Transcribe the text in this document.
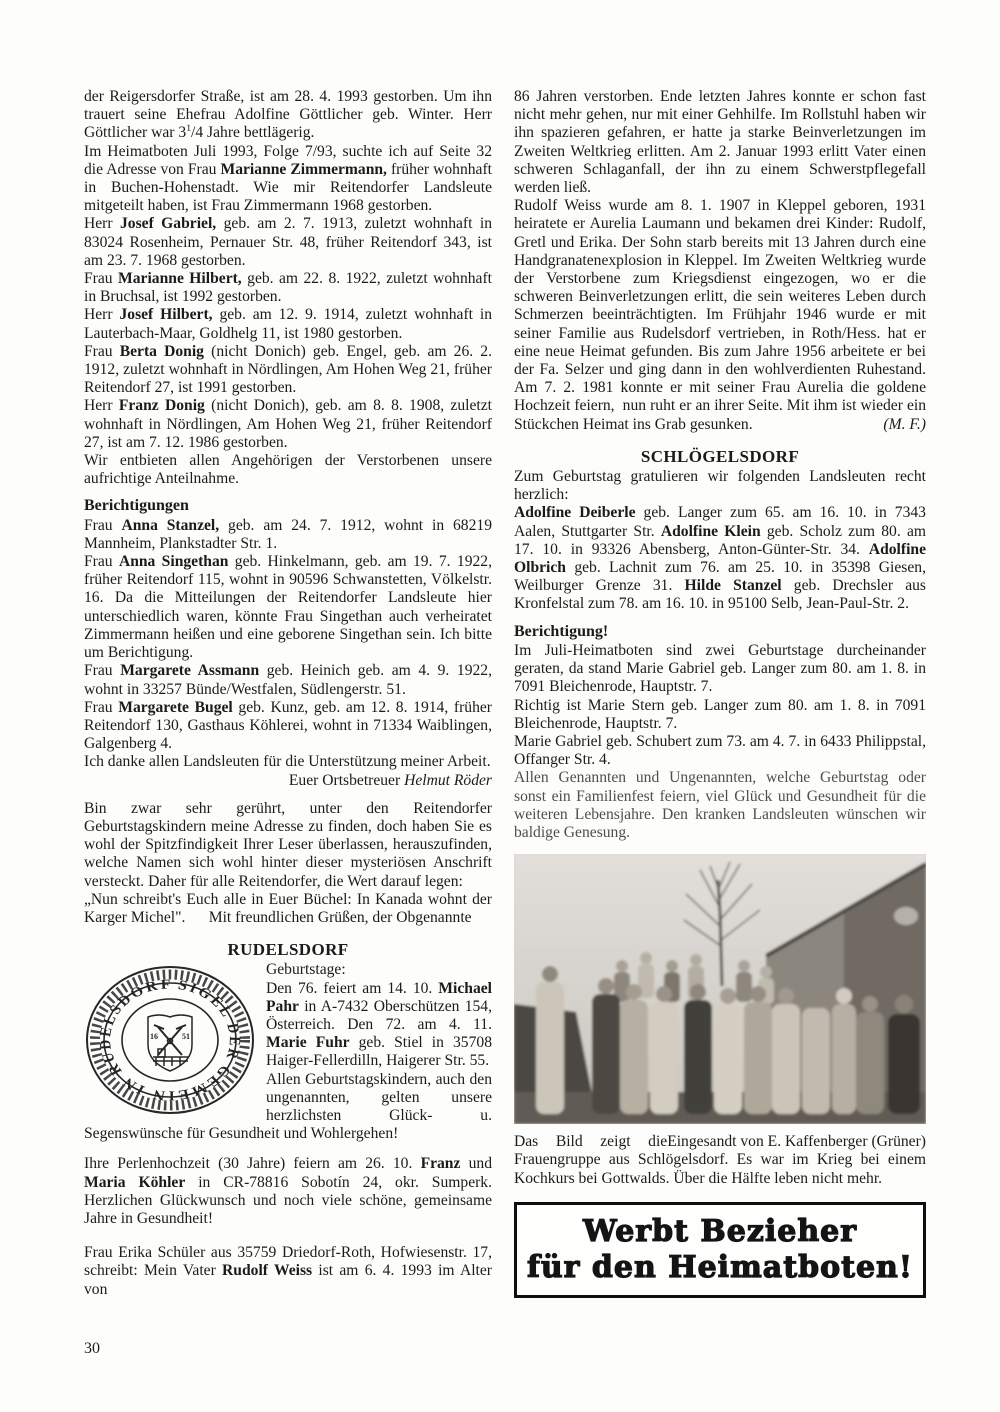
der Reigersdorfer Straße, ist am 28. 4. 1993 gestorben. Um ihn trauert seine Ehefrau Adolfine Göttlicher geb. Winter. Herr Göttlicher war $3^1/4$ Jahre bettlägerig.

Im Heimatboten Juli 1993, Folge 7/93, suchte ich auf Seite 32 die Adresse von Frau Marianne Zimmermann, früher wohnhaft in Buchen-Hohenstadt. Wie mir Reitendorfer Landsleute mitgeteilt haben, ist Frau Zimmermann 1968 gestorben.

Herr Josef Gabriel, geb. am 2. 7. 1913, zuletzt wohnhaft in 83024 Rosenheim, Pernauer Str. 48, früher Reitendorf 343, ist am 23. 7. 1968 gestorben.

Frau Marianne Hilbert, geb. am 22. 8. 1922, zuletzt wohnhaft in Bruchsal, ist 1992 gestorben.

Herr Josef Hilbert, geb. am 12. 9. 1914, zuletzt wohnhaft in Lauterbach-Maar, Goldhelg 11, ist 1980 gestorben.

Frau Berta Donig (nicht Donich) geb. Engel, geb. am 26. 2. 1912, zuletzt wohnhaft in Nördlingen, Am Hohen Weg 21, früher Reitendorf 27, ist 1991 gestorben.

Herr Franz Donig (nicht Donich), geb. am 8. 8. 1908, zuletzt wohnhaft in Nördlingen, Am Hohen Weg 21, früher Reitendorf 27, ist am 7. 12. 1986 gestorben.

Wir entbieten allen Angehörigen der Verstorbenen unsere aufrichtige Anteilnahme.

Berichtigungen

Frau Anna Stanzel, geb. am 24. 7. 1912, wohnt in 68219 Mannheim, Plankstadter Str. 1.

Frau Anna Singethan geb. Hinkelmann, geb. am 19. 7. 1922, früher Reitendorf 115, wohnt in 90596 Schwanstetten, Völkelstr. 16. Da die Mitteilungen der Reitendorfer Landsleute hier unterschiedlich waren, könnte Frau Singethan auch verheiratet Zimmermann heißen und eine geborene Singethan sein. Ich bitte um Berichtigung.

Frau Margarete Assmann geb. Heinich geb. am 4. 9. 1922, wohnt in 33257 Bünde/Westfalen, Südlengerstr. 51.

Frau Margarete Bugel geb. Kunz, geb. am 12. 8. 1914, früher Reitendorf 130, Gasthaus Köhlerei, wohnt in 71334 Waiblingen, Galgenberg 4.

Ich danke allen Landsleuten für die Unterstützung meiner Arbeit.

Euer Ortsbetreuer Helmut Röder

Bin zwar sehr gerührt, unter den Reitendorfer Geburtstagskindern meine Adresse zu finden, doch haben Sie es wohl der Spitzfindigkeit Ihrer Leser überlassen, herauszufinden, welche Namen sich wohl hinter dieser mysteriösen Anschrift versteckt. Daher für alle Reitendorfer, die Wert darauf legen:

„Nun schreibt's Euch alle in Euer Büchel: In Kanada wohnt der Karger Michel".      Mit freundlichen Grüßen, der Obgenannte

RUDELSDORF
SIGEL DER GEMEIN IN RUDELSDORFF
16	51

Geburtstage:

Den 76. feiert am 14. 10. Michael Pahr in A-7432 Oberschützen 154, Österreich. Den 72. am 4. 11. Marie Fuhr geb. Stiel in 35708 Haiger-Fellerdilln, Haigerer Str. 55.

Allen Geburtstagskindern, auch den ungenannten, gelten unsere herzlichsten Glück- u. Segenswünsche für Gesundheit und Wohlergehen!

Ihre Perlenhochzeit (30 Jahre) feiern am 26. 10. Franz und Maria Köhler in CR-78816 Sobotín 24, okr. Sumperk. Herzlichen Glückwunsch und noch viele schöne, gemeinsame Jahre in Gesundheit!

Frau Erika Schüler aus 35759 Driedorf-Roth, Hofwiesenstr. 17, schreibt: Mein Vater Rudolf Weiss ist am 6. 4. 1993 im Alter von

86 Jahren verstorben. Ende letzten Jahres konnte er schon fast nicht mehr gehen, nur mit einer Gehhilfe. Im Rollstuhl haben wir ihn spazieren gefahren, er hatte ja starke Beinverletzungen im Zweiten Weltkrieg erlitten. Am 2. Januar 1993 erlitt Vater einen schweren Schlaganfall, der ihn zu einem Schwerstpflegefall werden ließ.

Rudolf Weiss wurde am 8. 1. 1907 in Kleppel geboren, 1931 heiratete er Aurelia Laumann und bekamen drei Kinder: Rudolf, Gretl und Erika. Der Sohn starb bereits mit 13 Jahren durch eine Handgranatenexplosion in Kleppel. Im Zweiten Weltkrieg wurde der Verstorbene zum Kriegsdienst eingezogen, wo er die schweren Beinverletzungen erlitt, die sein weiteres Leben durch Schmerzen beeinträchtigten. Im Frühjahr 1946 wurde er mit seiner Familie aus Rudelsdorf vertrieben, in Roth/Hess. hat er eine neue Heimat gefunden. Bis zum Jahre 1956 arbeitete er bei der Fa. Selzer und ging dann in den wohlverdienten Ruhestand. Am 7. 2. 1981 konnte er mit seiner Frau Aurelia die goldene Hochzeit feiern,  nun ruht er an ihrer Seite. Mit ihm ist wieder ein Stückchen Heimat ins Grab gesunken.	(M. F.)

SCHLÖGELSDORF

Zum Geburtstag gratulieren wir folgenden Landsleuten recht herzlich:

Adolfine Deiberle geb. Langer zum 65. am 16. 10. in 7343 Aalen, Stuttgarter Str. Adolfine Klein geb. Scholz zum 80. am 17. 10. in 93326 Abensberg, Anton-Günter-Str. 34. Adolfine Olbrich geb. Lachnit zum 76. am 25. 10. in 35398 Giesen, Weilburger Grenze 31. Hilde Stanzel geb. Drechsler aus Kronfelstal zum 78. am 16. 10. in 95100 Selb, Jean-Paul-Str. 2.

Berichtigung!

Im Juli-Heimatboten sind zwei Geburtstage durcheinander geraten, da stand Marie Gabriel geb. Langer zum 80. am 1. 8. in 7091 Bleichenrode, Hauptstr. 7.

Richtig ist Marie Stern geb. Langer zum 80. am 1. 8. in 7091 Bleichenrode, Hauptstr. 7.

Marie Gabriel geb. Schubert zum 73. am 4. 7. in 6433 Philippstal, Offanger Str. 4.

Allen Genannten und Ungenannten, welche Geburtstag oder sonst ein Familienfest feiern, viel Glück und Gesundheit für die weiteren Lebensjahre. Den kranken Landsleuten wünschen wir baldige Genesung.

Eingesandt von E. Kaffenberger (Grüner)
Das Bild zeigt die Frauengruppe aus Schlögelsdorf. Es war im Krieg bei einem Kochkurs bei Gottwalds. Über die Hälfte leben nicht mehr.

Werbt Bezieher
für den Heimatboten!
30
